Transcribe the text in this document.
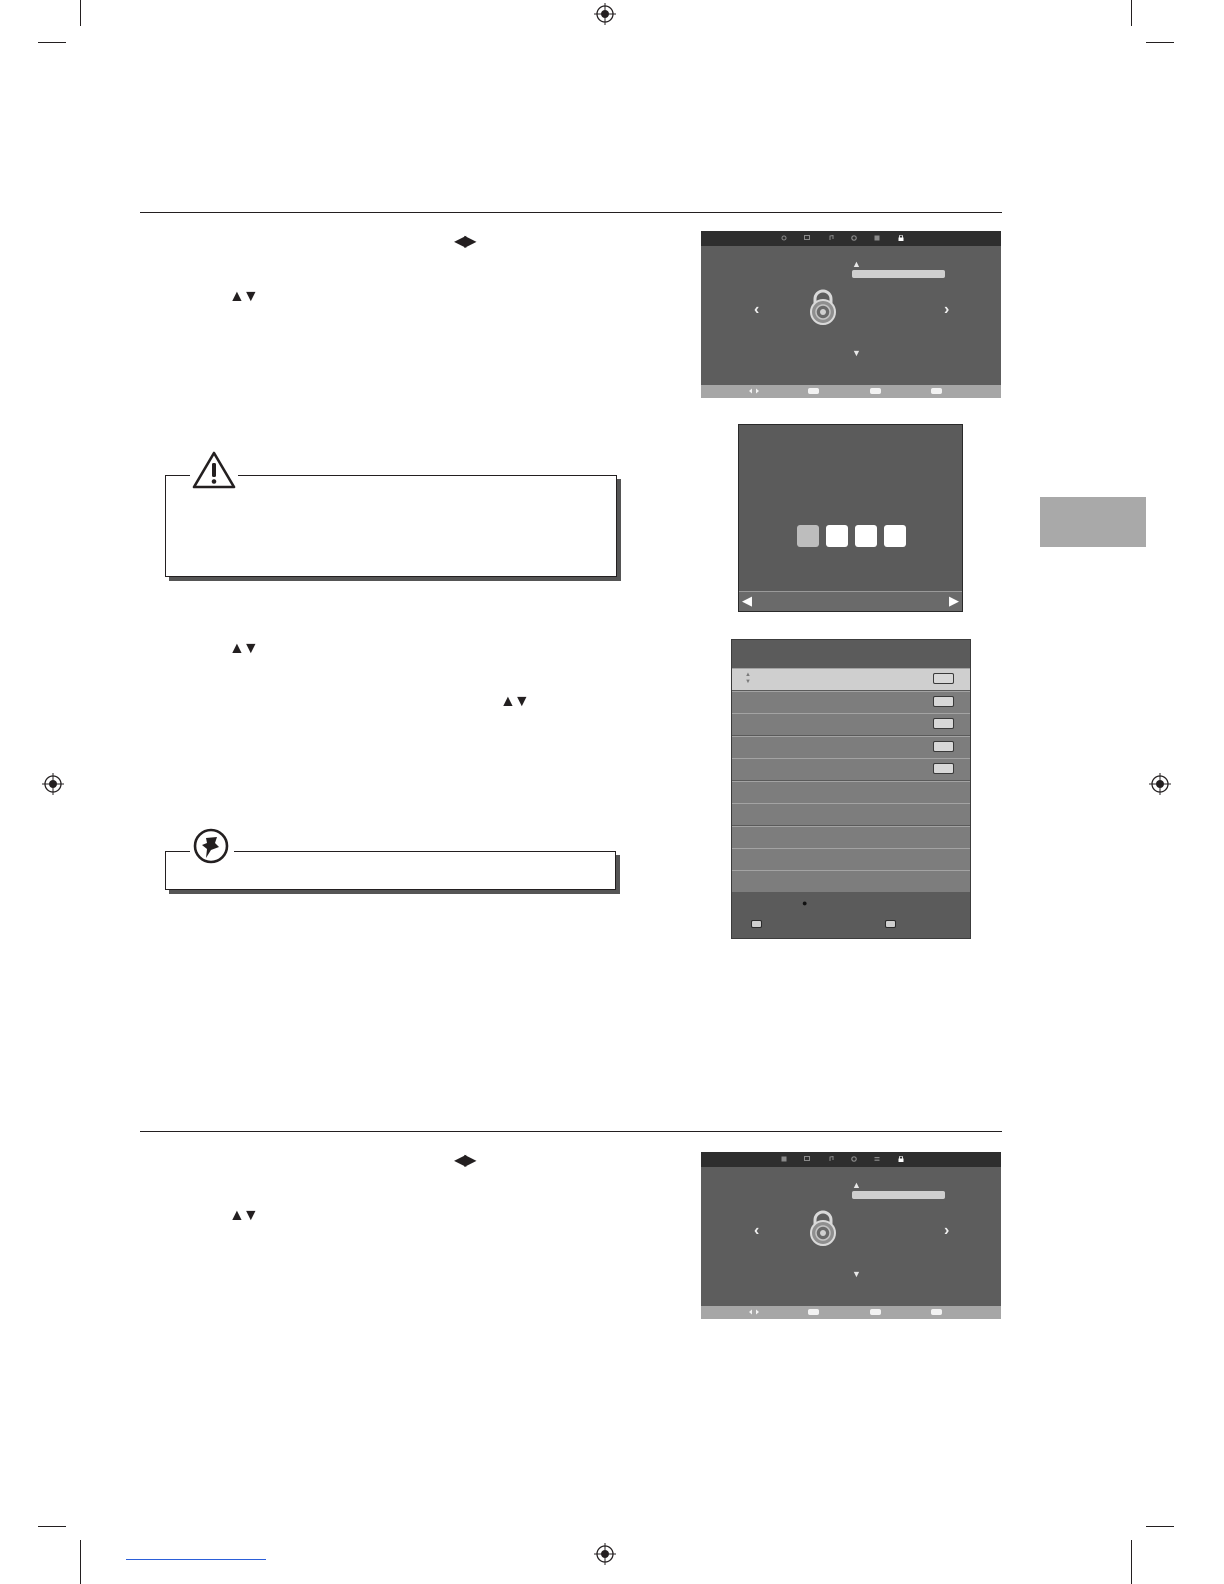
◀▶
▲▼
▲▼
▲▼
▲
‹	›
▼
◀	▶
▲▼
●
◀▶
▲▼
▲
‹	›
▼
